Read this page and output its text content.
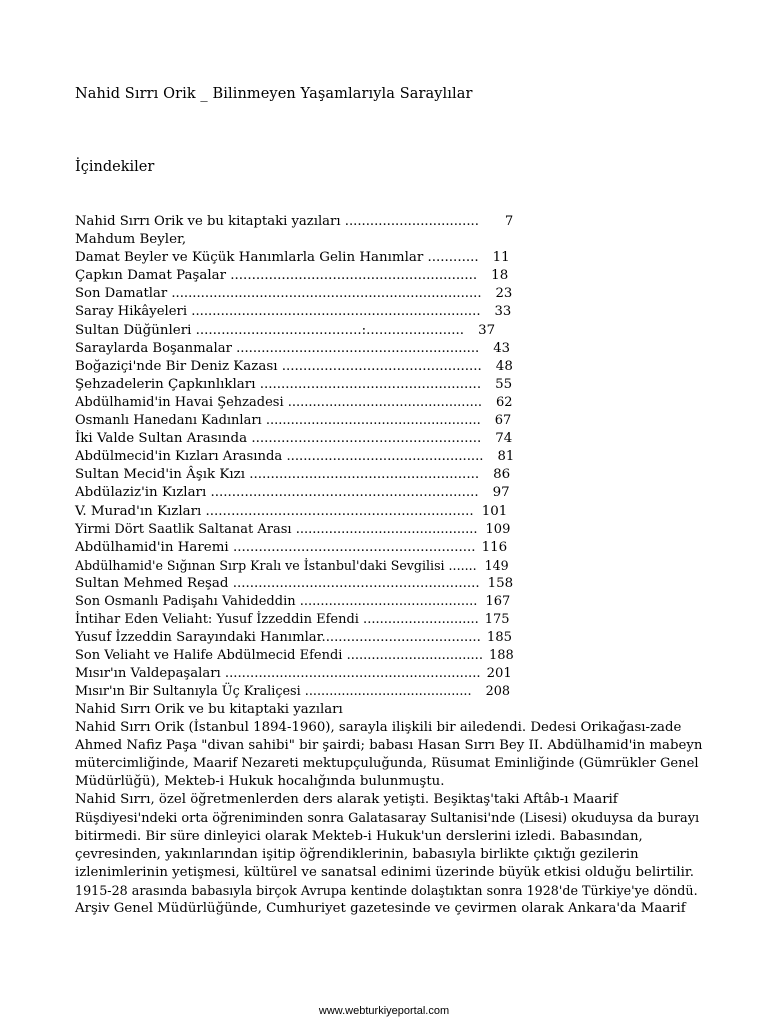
Nahid Sırrı Orik _ Bilinmeyen Yaşamlarıyla Saraylılar
İçindekiler
Nahid Sırrı Orik ve bu kitaptaki yazıları ................................ 7
Mahdum Beyler,
Damat Beyler ve Küçük Hanımlarla Gelin Hanımlar ............ 11
Çapkın Damat Paşalar .......................................................... 18
Son Damatlar .......................................................................... 23
Saray Hikâyeleri ..................................................................... 33
Sultan Düğünleri .......................................:....................... 37
Saraylarda Boşanmalar .......................................................... 43
Boğaziçi'nde Bir Deniz Kazası ............................................... 48
Şehzadelerin Çapkınlıkları .................................................... 55
Abdülhamid'in Havai Şehzadesi ............................................... 62
Osmanlı Hanedanı Kadınları .................................................... 67
İki Valde Sultan Arasında ...................................................... 74
Abdülmecid'in Kızları Arasında ............................................... 81
Sultan Mecid'in Âşık Kızı ...................................................... 86
Abdülaziz'in Kızları ............................................................... 97
V. Murad'ın Kızları ............................................................... 101
Yirmi Dört Saatlik Saltanat Arası ............................................ 109
Abdülhamid'in Haremi ......................................................... 116
Abdülhamid'e Sığınan Sırp Kralı ve İstanbul'daki Sevgilisi ....... 149
Sultan Mehmed Reşad .......................................................... 158
Son Osmanlı Padişahı Vahideddin ........................................... 167
İntihar Eden Veliaht: Yusuf İzzeddin Efendi ............................ 175
Yusuf İzzeddin Sarayındaki Hanımlar...................................... 185
Son Veliaht ve Halife Abdülmecid Efendi ................................. 188
Mısır'ın Valdepaşaları ............................................................. 201
Mısır'ın Bir Sultanıyla Üç Kraliçesi ......................................... 208
Nahid Sırrı Orik ve bu kitaptaki yazıları
Nahid Sırrı Orik (İstanbul 1894-1960), sarayla ilişkili bir ailedendi. Dedesi Orikağası-zade
Ahmed Nafiz Paşa "divan sahibi" bir şairdi; babası Hasan Sırrı Bey II. Abdülhamid'in mabeyn
mütercimliğinde, Maarif Nezareti mektupçuluğunda, Rüsumat Eminliğinde (Gümrükler Genel
Müdürlüğü), Mekteb-i Hukuk hocalığında bulunmuştu.
Nahid Sırrı, özel öğretmenlerden ders alarak yetişti. Beşiktaş'taki Aftâb-ı Maarif
Rüşdiyesi'ndeki orta öğreniminden sonra Galatasaray Sultanisi'nde (Lisesi) okuduysa da burayı
bitirmedi. Bir süre dinleyici olarak Mekteb-i Hukuk'un derslerini izledi. Babasından,
çevresinden, yakınlarından işitip öğrendiklerinin, babasıyla birlikte çıktığı gezilerin
izlenimlerinin yetişmesi, kültürel ve sanatsal edinimi üzerinde büyük etkisi olduğu belirtilir.
1915-28 arasında babasıyla birçok Avrupa kentinde dolaştıktan sonra 1928'de Türkiye'ye döndü.
Arşiv Genel Müdürlüğünde, Cumhuriyet gazetesinde ve çevirmen olarak Ankara'da Maarif
www.webturkiyeportal.com
